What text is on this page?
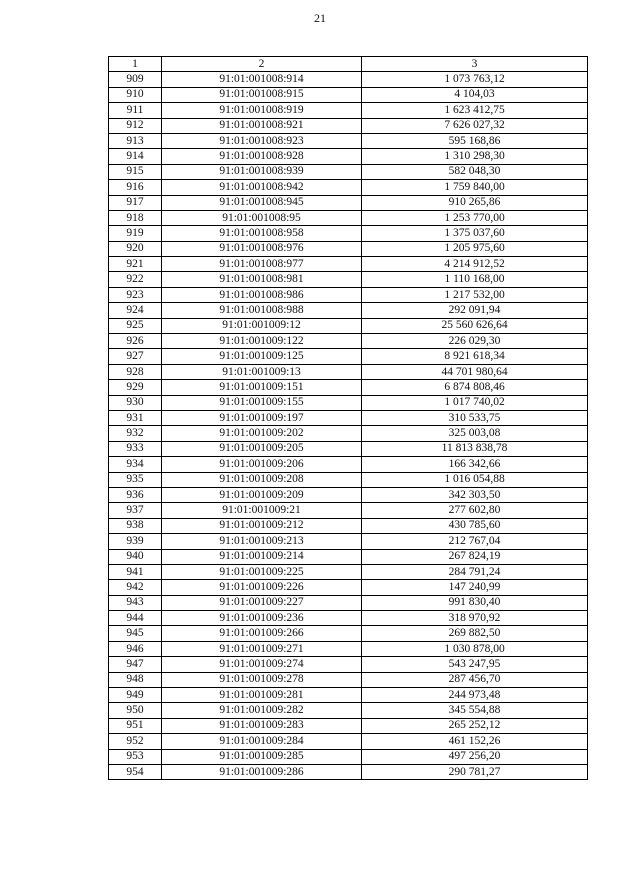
21
1	2	3
909	91:01:001008:914	1 073 763,12
910	91:01:001008:915	4 104,03
911	91:01:001008:919	1 623 412,75
912	91:01:001008:921	7 626 027,32
913	91:01:001008:923	595 168,86
914	91:01:001008:928	1 310 298,30
915	91:01:001008:939	582 048,30
916	91:01:001008:942	1 759 840,00
917	91:01:001008:945	910 265,86
918	91:01:001008:95	1 253 770,00
919	91:01:001008:958	1 375 037,60
920	91:01:001008:976	1 205 975,60
921	91:01:001008:977	4 214 912,52
922	91:01:001008:981	1 110 168,00
923	91:01:001008:986	1 217 532,00
924	91:01:001008:988	292 091,94
925	91:01:001009:12	25 560 626,64
926	91:01:001009:122	226 029,30
927	91:01:001009:125	8 921 618,34
928	91:01:001009:13	44 701 980,64
929	91:01:001009:151	6 874 808,46
930	91:01:001009:155	1 017 740,02
931	91:01:001009:197	310 533,75
932	91:01:001009:202	325 003,08
933	91:01:001009:205	11 813 838,78
934	91:01:001009:206	166 342,66
935	91:01:001009:208	1 016 054,88
936	91:01:001009:209	342 303,50
937	91:01:001009:21	277 602,80
938	91:01:001009:212	430 785,60
939	91:01:001009:213	212 767,04
940	91:01:001009:214	267 824,19
941	91:01:001009:225	284 791,24
942	91:01:001009:226	147 240,99
943	91:01:001009:227	991 830,40
944	91:01:001009:236	318 970,92
945	91:01:001009:266	269 882,50
946	91:01:001009:271	1 030 878,00
947	91:01:001009:274	543 247,95
948	91:01:001009:278	287 456,70
949	91:01:001009:281	244 973,48
950	91:01:001009:282	345 554,88
951	91:01:001009:283	265 252,12
952	91:01:001009:284	461 152,26
953	91:01:001009:285	497 256,20
954	91:01:001009:286	290 781,27
